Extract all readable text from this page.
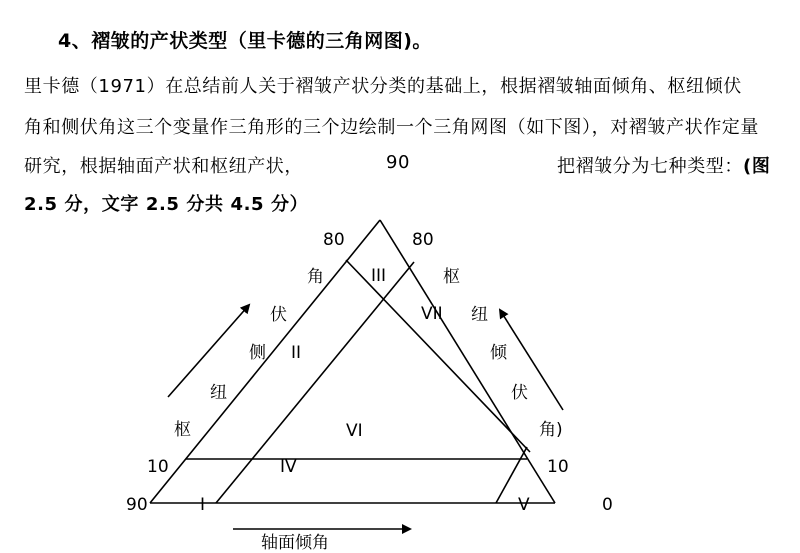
4、褶皱的产状类型（里卡德的三角网图)。
里卡德（1971）在总结前人关于褶皱产状分类的基础上，根据褶皱轴面倾角、枢纽倾伏
角和侧伏角这三个变量作三角形的三个边绘制一个三角网图（如下图），对褶皱产状作定量
研究，根据轴面产状和枢纽产状，	90	把褶皱分为七种类型：(图
2.5 分，文字 2.5 分共 4.5 分）
80	80
10	10
90	0
I
II
III
IV
V
VI
VII
枢
纽
侧
伏
角	枢
纽
倾
伏
角)
轴面倾角
